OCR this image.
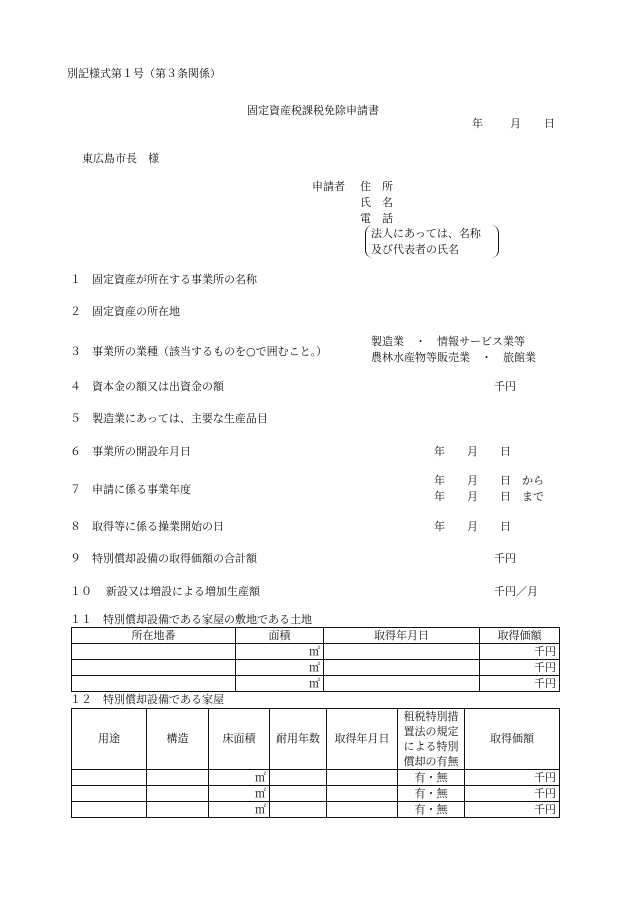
別記様式第１号（第３条関係）
固定資産税課税免除申請書
年 月 日
東広島市長　様
申請者 住　所
氏　名
電　話
法人にあっては、名称
及び代表者の氏名
１ 固定資産が所在する事業所の名称
２ 固定資産の所在地
３ 事業所の業種（該当するものを○で囲むこと。）
製造業　・　情報サービス業等
農林水産物等販売業　・　旅館業
４ 資本金の額又は出資金の額	千円
５ 製造業にあっては、主要な生産品目
６ 事業所の開設年月日	年　　月　　日
７ 申請に係る事業年度
年　　月　　日　から
年　　月　　日　まで
８ 取得等に係る操業開始の日	年　　月　　日
９ 特別償却設備の取得価額の合計額	千円
１０ 新設又は増設による増加生産額	千円／月
１１　特別償却設備である家屋の敷地である土地
所在地番	面積	取得年月日	取得価額
	㎡		千円
	㎡		千円
	㎡		千円
１２　特別償却設備である家屋
用途	構造	床面積	耐用年数	取得年月日	租税特別措置法の規定による特別償却の有無	取得価額
		㎡			有・無	千円
		㎡			有・無	千円
		㎡			有・無	千円
